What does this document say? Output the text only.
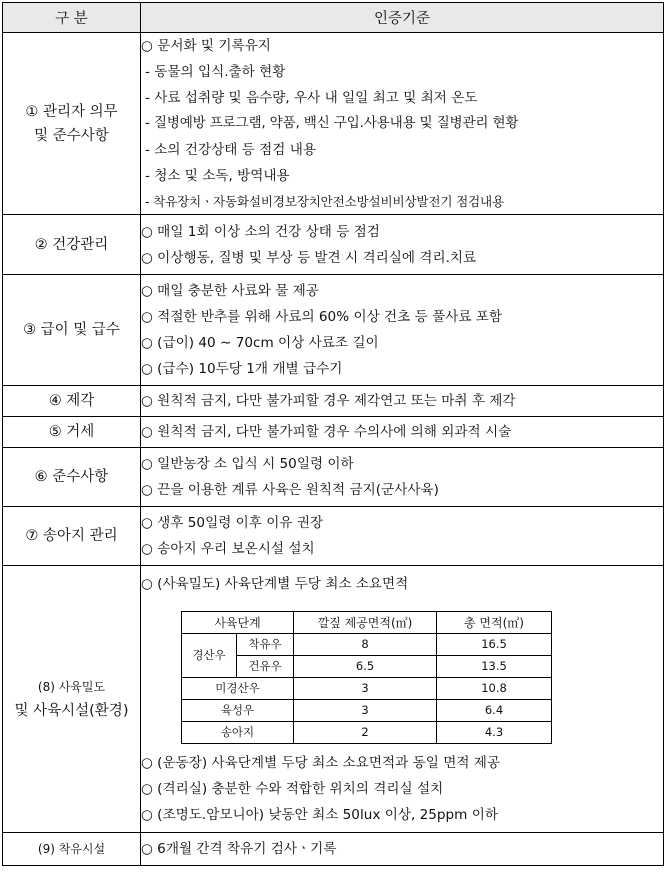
구 분	인증기준

① 관리자 의무
및 준수사항

○ 문서화 및 기록유지
- 동물의 입식.출하 현황
- 사료 섭취량 및 음수량, 우사 내 일일 최고 및 최저 온도
- 질병예방 프로그램, 약품, 백신 구입.사용내용 및 질병관리 현황
- 소의 건강상태 등 점검 내용
- 청소 및 소독, 방역내용
- 착유장치ㆍ자동화설비경보장치안전소방설비비상발전기 점검내용

② 건강관리

○ 매일 1회 이상 소의 건강 상태 등 점검
○ 이상행동, 질병 및 부상 등 발견 시 격리실에 격리.치료

③ 급이 및 급수

○ 매일 충분한 사료와 물 제공
○ 적절한 반추를 위해 사료의 60% 이상 건초 등 풀사료 포함
○ (급이) 40 ∼ 70cm 이상 사료조 길이
○ (급수) 10두당 1개 개별 급수기

④ 제각	○ 원칙적 금지, 다만 불가피할 경우 제각연고 또는 마취 후 제각

⑤ 거세	○ 원칙적 금지, 다만 불가피할 경우 수의사에 의해 외과적 시술

⑥ 준수사항

○ 일반농장 소 입식 시 50일령 이하
○ 끈을 이용한 계류 사육은 원칙적 금지(군사사육)

⑦ 송아지 관리

○ 생후 50일령 이후 이유 권장
○ 송아지 우리 보온시설 설치

(8) 사육밀도
및 사육시설(환경)

○ (사육밀도) 사육단계별 두당 최소 소요면적
사육단계	깔짚 제공면적(㎡)	총 면적(㎡)
경산우	착유우	8	16.5
건유우	6.5	13.5
미경산우	3	10.8
육성우	3	6.4
송아지	2	4.3
○ (운동장) 사육단계별 두당 최소 소요면적과 동일 면적 제공
○ (격리실) 충분한 수와 적합한 위치의 격리실 설치
○ (조명도.암모니아) 낮동안 최소 50lux 이상, 25ppm 이하

(9) 착유시설	○ 6개월 간격 착유기 검사ㆍ기록
